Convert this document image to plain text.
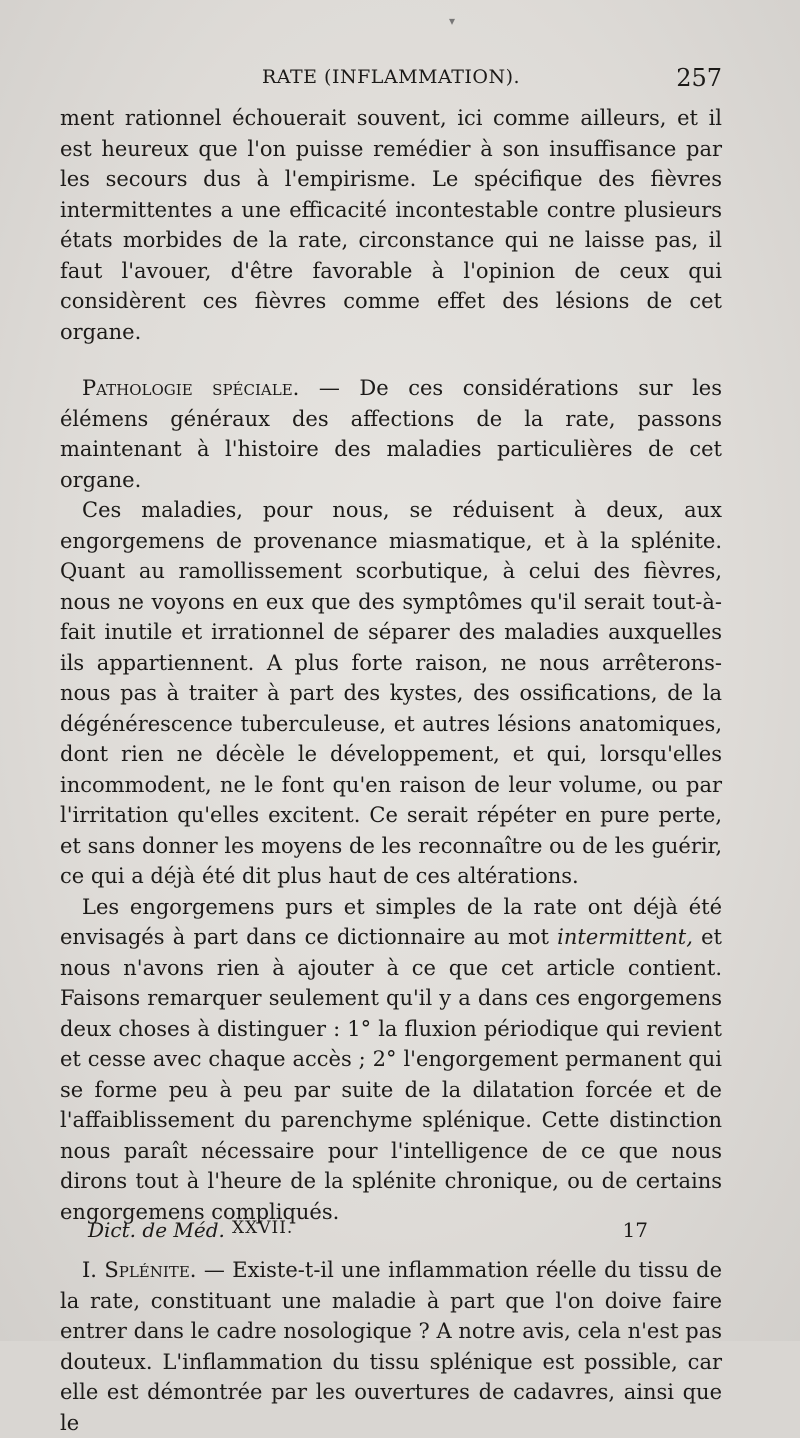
▾
RATE (INFLAMMATION).	257

ment rationnel échouerait souvent, ici comme ailleurs, et il est heureux que l'on puisse remédier à son insuffisance par les secours dus à l'empirisme. Le spécifique des fièvres intermittentes a une efficacité incontestable contre plusieurs états morbides de la rate, circonstance qui ne laisse pas, il faut l'avouer, d'être favorable à l'opinion de ceux qui considèrent ces fièvres comme effet des lésions de cet organe.

Pathologie spéciale. — De ces considérations sur les élémens généraux des affections de la rate, passons maintenant à l'histoire des maladies particulières de cet organe.

Ces maladies, pour nous, se réduisent à deux, aux engorgemens de provenance miasmatique, et à la splénite. Quant au ramollissement scorbutique, à celui des fièvres, nous ne voyons en eux que des symptômes qu'il serait tout-à-fait inutile et irrationnel de séparer des maladies auxquelles ils appartiennent. A plus forte raison, ne nous arrêterons-nous pas à traiter à part des kystes, des ossifications, de la dégénérescence tuberculeuse, et autres lésions anatomiques, dont rien ne décèle le développement, et qui, lorsqu'elles incommodent, ne le font qu'en raison de leur volume, ou par l'irritation qu'elles excitent. Ce serait répéter en pure perte, et sans donner les moyens de les reconnaître ou de les guérir, ce qui a déjà été dit plus haut de ces altérations.

Les engorgemens purs et simples de la rate ont déjà été envisagés à part dans ce dictionnaire au mot intermittent, et nous n'avons rien à ajouter à ce que cet article contient. Faisons remarquer seulement qu'il y a dans ces engorgemens deux choses à distinguer : 1° la fluxion périodique qui revient et cesse avec chaque accès ; 2° l'engorgement permanent qui se forme peu à peu par suite de la dilatation forcée et de l'affaiblissement du parenchyme splénique. Cette distinction nous paraît nécessaire pour l'intelligence de ce que nous dirons tout à l'heure de la splénite chronique, ou de certains engorgemens compliqués.

I. Splénite. — Existe-t-il une inflammation réelle du tissu de la rate, constituant une maladie à part que l'on doive faire entrer dans le cadre nosologique ? A notre avis, cela n'est pas douteux. L'inflammation du tissu splénique est possible, car elle est démontrée par les ouvertures de cadavres, ainsi que le

Dict. de Méd. XXVII.	17
